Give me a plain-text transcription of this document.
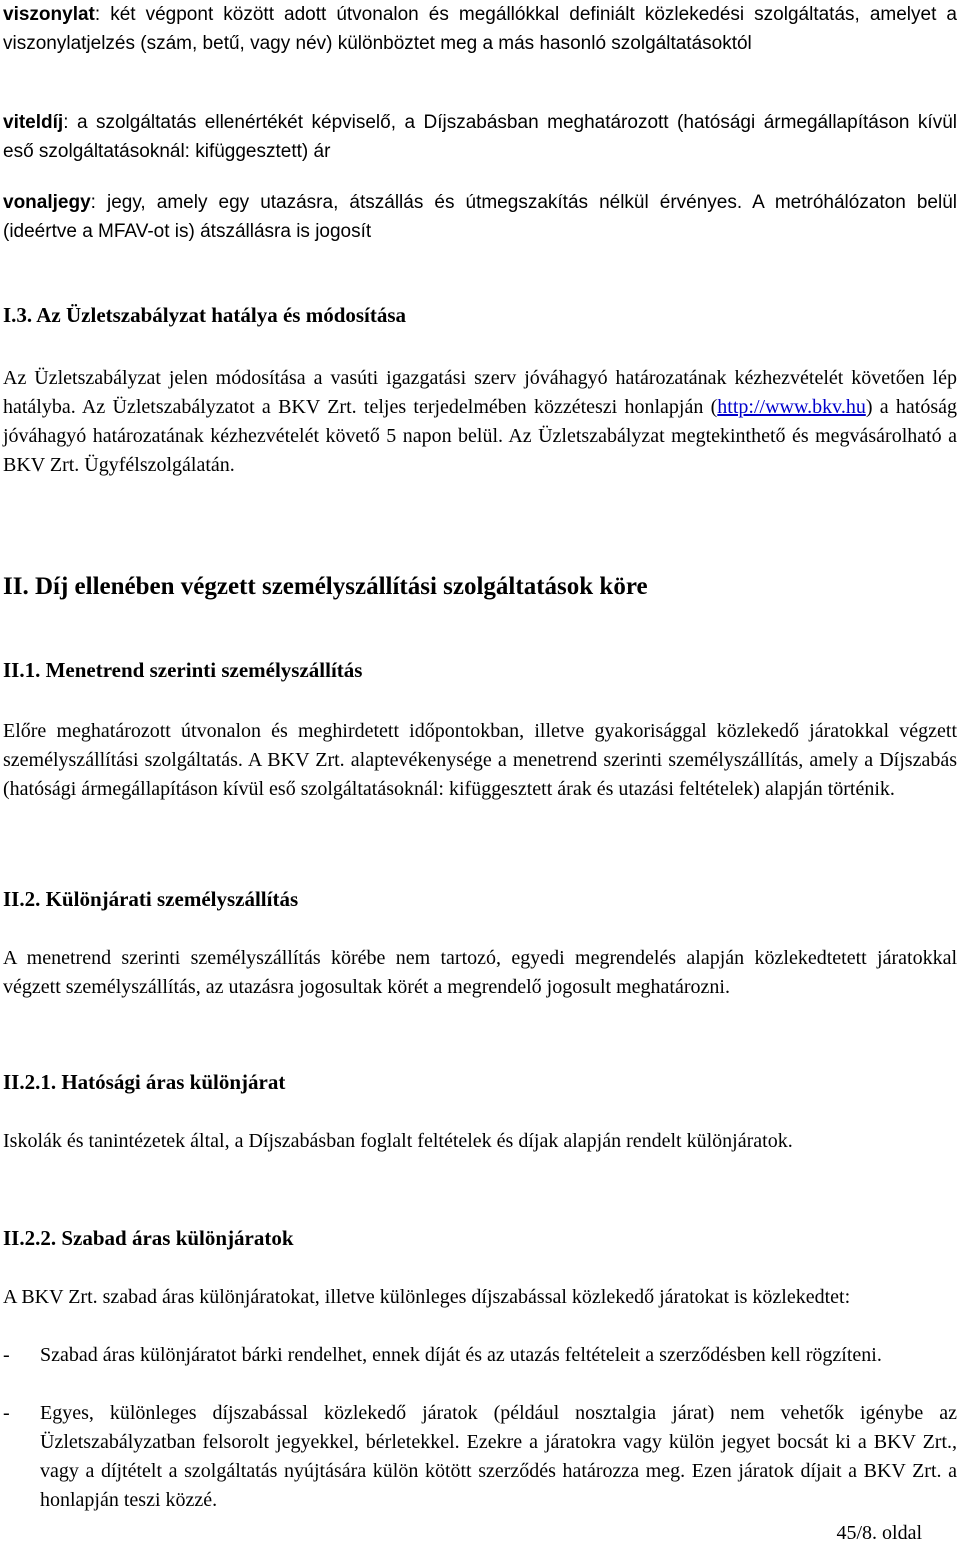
viszonylat: két végpont között adott útvonalon és megállókkal definiált közlekedési szolgáltatás, amelyet a viszonylatjelzés (szám, betű, vagy név) különböztet meg a más hasonló szolgáltatásoktól

viteldíj: a szolgáltatás ellenértékét képviselő, a Díjszabásban meghatározott (hatósági ármegállapításon kívül eső szolgáltatásoknál: kifüggesztett) ár

vonaljegy: jegy, amely egy utazásra, átszállás és útmegszakítás nélkül érvényes. A metróhálózaton belül (ideértve a MFAV-ot is) átszállásra is jogosít

I.3. Az Üzletszabályzat hatálya és módosítása

Az Üzletszabályzat jelen módosítása a vasúti igazgatási szerv jóváhagyó határozatának kézhezvételét követően lép hatályba. Az Üzletszabályzatot a BKV Zrt. teljes terjedelmében közzéteszi honlapján (http://www.bkv.hu) a hatóság jóváhagyó határozatának kézhezvételét követő 5 napon belül. Az Üzletszabályzat megtekinthető és megvásárolható a BKV Zrt. Ügyfélszolgálatán.

II. Díj ellenében végzett személyszállítási szolgáltatások köre
II.1. Menetrend szerinti személyszállítás

Előre meghatározott útvonalon és meghirdetett időpontokban, illetve gyakorisággal közlekedő járatokkal végzett személyszállítási szolgáltatás. A BKV Zrt. alaptevékenysége a menetrend szerinti személyszállítás, amely a Díjszabás (hatósági ármegállapításon kívül eső szolgáltatásoknál: kifüggesztett árak és utazási feltételek) alapján történik.

II.2. Különjárati személyszállítás

A menetrend szerinti személyszállítás körébe nem tartozó, egyedi megrendelés alapján közlekedtetett járatokkal végzett személyszállítás, az utazásra jogosultak körét a megrendelő jogosult meghatározni.

II.2.1. Hatósági áras különjárat

Iskolák és tanintézetek által, a Díjszabásban foglalt feltételek és díjak alapján rendelt különjáratok.

II.2.2. Szabad áras különjáratok

A BKV Zrt. szabad áras különjáratokat, illetve különleges díjszabással közlekedő járatokat is közlekedtet:

-	Szabad áras különjáratot bárki rendelhet, ennek díját és az utazás feltételeit a szerződésben kell rögzíteni.
-	Egyes, különleges díjszabással közlekedő járatok (például nosztalgia járat) nem vehetők igénybe az Üzletszabályzatban felsorolt jegyekkel, bérletekkel. Ezekre a járatokra vagy külön jegyet bocsát ki a BKV Zrt., vagy a díjtételt a szolgáltatás nyújtására külön kötött szerződés határozza meg. Ezen járatok díjait a BKV Zrt. a honlapján teszi közzé.
45/8. oldal
